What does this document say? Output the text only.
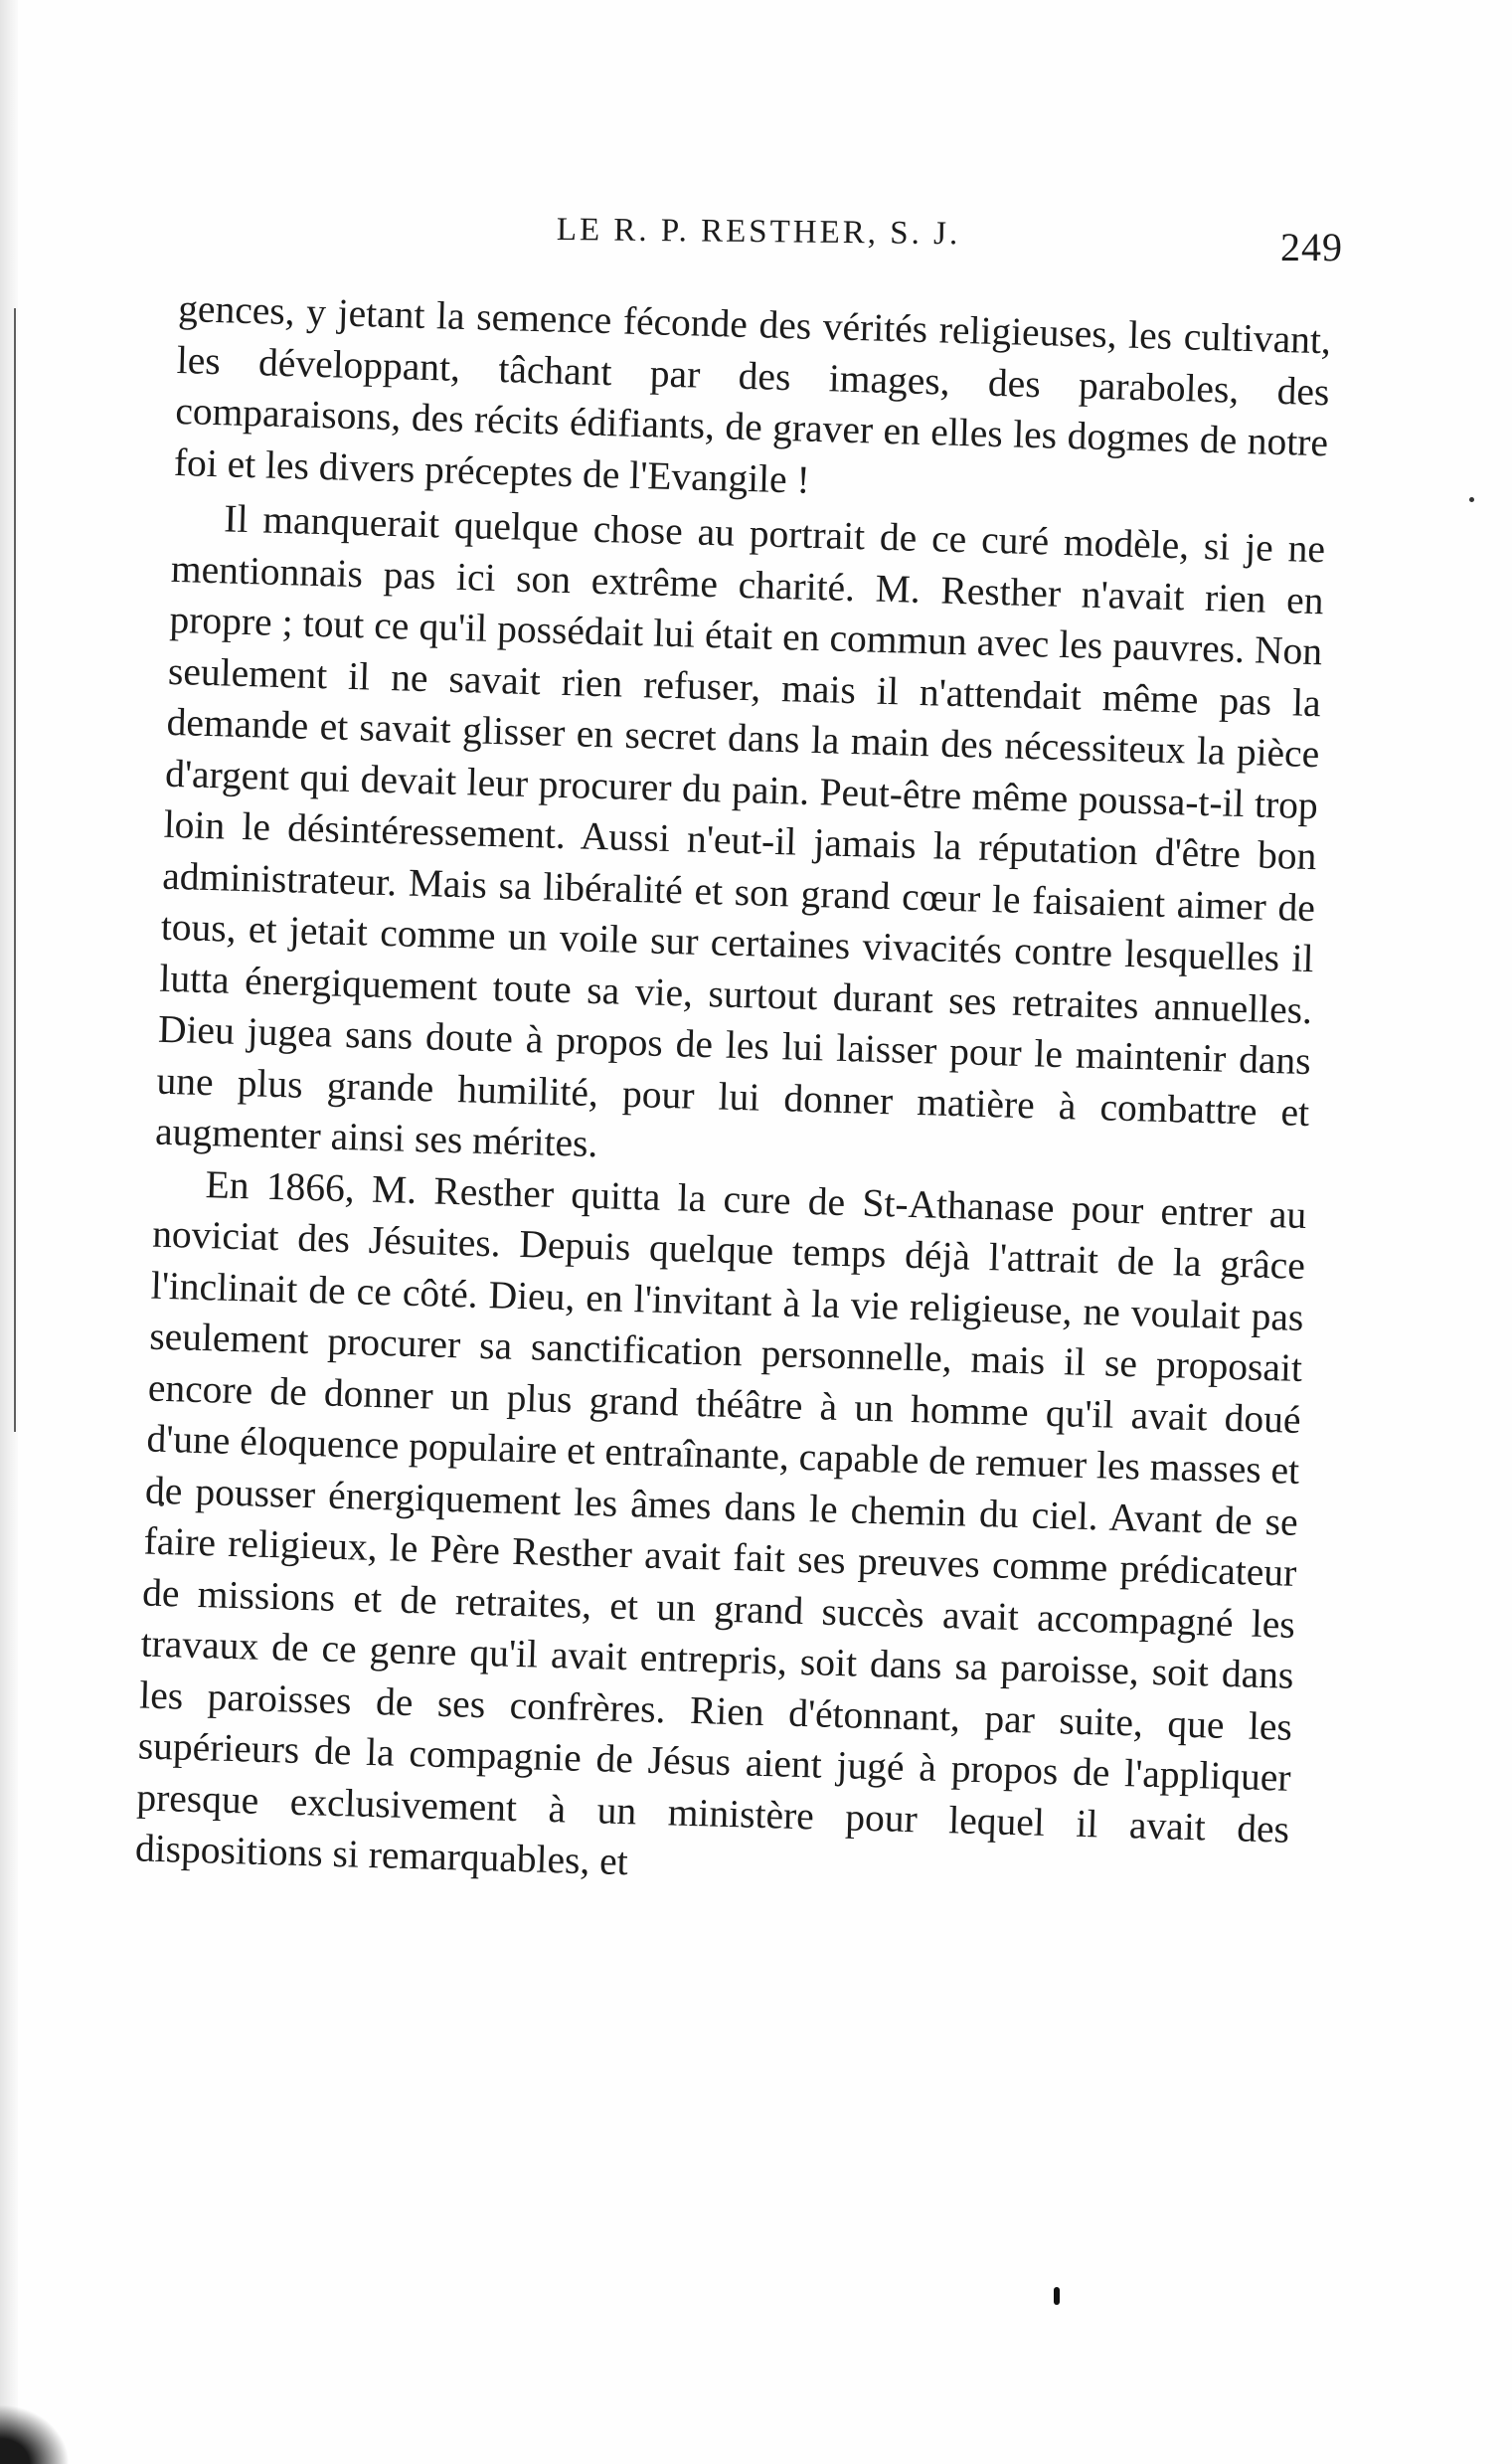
LE R. P. RESTHER, S. J.	249

gences, y jetant la semence féconde des vérités religieuses, les cultivant, les développant, tâchant par des images, des paraboles, des comparaisons, des récits édifiants, de graver en elles les dogmes de notre foi et les divers préceptes de l'Evangile !

Il manquerait quelque chose au portrait de ce curé modèle, si je ne mentionnais pas ici son extrême charité. M. Resther n'avait rien en propre ; tout ce qu'il possédait lui était en commun avec les pauvres. Non seulement il ne savait rien refuser, mais il n'attendait même pas la demande et savait glisser en secret dans la main des nécessiteux la pièce d'argent qui devait leur procurer du pain. Peut-être même poussa-t-il trop loin le désintéressement. Aussi n'eut-il jamais la réputation d'être bon administrateur. Mais sa libéralité et son grand cœur le faisaient aimer de tous, et jetait comme un voile sur certaines vivacités contre lesquelles il lutta énergiquement toute sa vie, surtout durant ses retraites annuelles. Dieu jugea sans doute à propos de les lui laisser pour le maintenir dans une plus grande humilité, pour lui donner matière à combattre et augmenter ainsi ses mérites.

En 1866, M. Resther quitta la cure de St-Athanase pour entrer au noviciat des Jésuites. Depuis quelque temps déjà l'attrait de la grâce l'inclinait de ce côté. Dieu, en l'invitant à la vie religieuse, ne voulait pas seulement procurer sa sanctification personnelle, mais il se proposait encore de donner un plus grand théâtre à un homme qu'il avait doué d'une éloquence populaire et entraînante, capable de remuer les masses et de pousser énergiquement les âmes dans le chemin du ciel. Avant de se faire religieux, le Père Resther avait fait ses preuves comme prédicateur de missions et de retraites, et un grand succès avait accompagné les travaux de ce genre qu'il avait entrepris, soit dans sa paroisse, soit dans les paroisses de ses confrères. Rien d'étonnant, par suite, que les supérieurs de la compagnie de Jésus aient jugé à propos de l'appliquer presque exclusivement à un ministère pour lequel il avait des dispositions si remarquables, et
